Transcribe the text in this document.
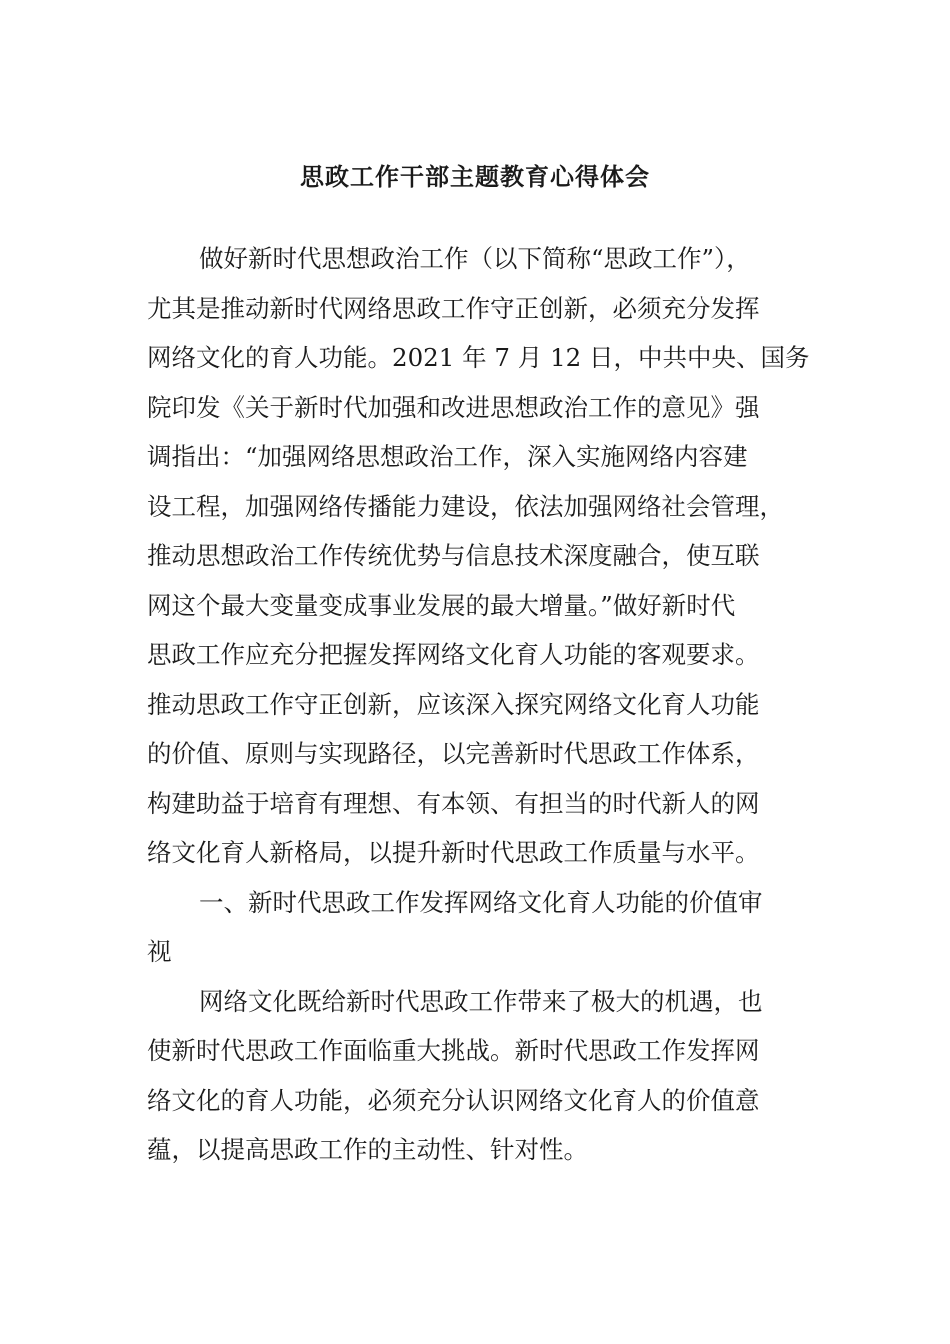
思政工作干部主题教育心得体会
做好新时代思想政治工作（以下简称“思政工作”），
尤其是推动新时代网络思政工作守正创新，必须充分发挥
网络文化的育人功能。2021 年 7 月 12 日，中共中央、国务
院印发《关于新时代加强和改进思想政治工作的意见》强
调指出：“加强网络思想政治工作，深入实施网络内容建
设工程，加强网络传播能力建设，依法加强网络社会管理，
推动思想政治工作传统优势与信息技术深度融合，使互联
网这个最大变量变成事业发展的最大增量。”做好新时代
思政工作应充分把握发挥网络文化育人功能的客观要求。
推动思政工作守正创新，应该深入探究网络文化育人功能
的价值、原则与实现路径，以完善新时代思政工作体系，
构建助益于培育有理想、有本领、有担当的时代新人的网
络文化育人新格局，以提升新时代思政工作质量与水平。
一、新时代思政工作发挥网络文化育人功能的价值审
视
网络文化既给新时代思政工作带来了极大的机遇，也
使新时代思政工作面临重大挑战。新时代思政工作发挥网
络文化的育人功能，必须充分认识网络文化育人的价值意
蕴，以提高思政工作的主动性、针对性。
